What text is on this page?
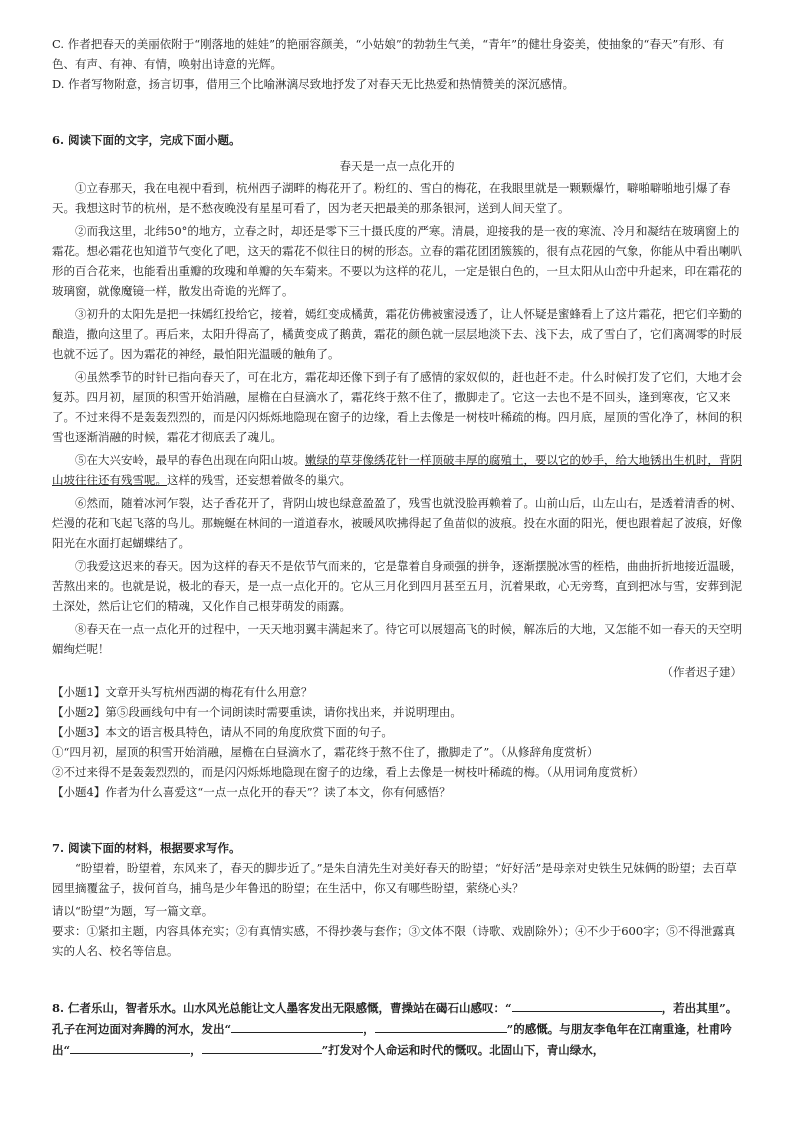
C. 作者把春天的美丽依附于“刚落地的娃娃”的艳丽容颜美，“小姑娘”的勃勃生气美，“青年”的健壮身姿美，使抽象的“春天”有形、有色、有声、有神、有情，唤射出诗意的光辉。

D. 作者写物附意，扬言切事，借用三个比喻淋漓尽致地抒发了对春天无比热爱和热情赞美的深沉感情。

6. 阅读下面的文字，完成下面小题。

春天是一点一点化开的

①立春那天，我在电视中看到，杭州西子湖畔的梅花开了。粉红的、雪白的梅花，在我眼里就是一颗颗爆竹，噼啪噼啪地引爆了春天。我想这时节的杭州，是不愁夜晚没有星星可看了，因为老天把最美的那条银河，送到人间天堂了。

②而我这里，北纬50°的地方，立春之时，却还是零下三十摄氏度的严寒。清晨，迎接我的是一夜的寒流、冷月和凝结在玻璃窗上的霜花。想必霜花也知道节气变化了吧，这天的霜花不似往日的树的形态。立春的霜花团团簇簇的，很有点花园的气象，你能从中看出喇叭形的百合花来，也能看出重瓣的玫瑰和单瓣的矢车菊来。不要以为这样的花儿，一定是银白色的，一旦太阳从山峦中升起来，印在霜花的玻璃窗，就像魔镜一样，散发出奇诡的光辉了。

③初升的太阳先是把一抹嫣红投给它，接着，嫣红变成橘黄，霜花仿佛被蜜浸透了，让人怀疑是蜜蜂看上了这片霜花，把它们辛勤的酿造，撒向这里了。再后来，太阳升得高了，橘黄变成了鹅黄，霜花的颜色就一层层地淡下去、浅下去，成了雪白了，它们离凋零的时辰也就不远了。因为霜花的神经，最怕阳光温暖的触角了。

④虽然季节的时针已指向春天了，可在北方，霜花却还像下到子有了感情的家奴似的，赶也赶不走。什么时候打发了它们，大地才会复苏。四月初，屋顶的积雪开始消融，屋檐在白昼滴水了，霜花终于熬不住了，撒脚走了。它这一去也不是不回头，逢到寒夜，它又来了。不过来得不是轰轰烈烈的，而是闪闪烁烁地隐现在窗子的边缘，看上去像是一树枝叶稀疏的梅。四月底，屋顶的雪化净了，林间的积雪也逐渐消融的时候，霜花才彻底丢了魂儿。

⑤在大兴安岭，最早的春色出现在向阳山坡。嫩绿的草芽像绣花针一样顶破丰厚的腐殖土，要以它的妙手，给大地锈出生机时，背阴山坡往往还有残雪呢。这样的残雪，还妄想着做冬的巢穴。

⑥然而，随着冰河乍裂，达子香花开了，背阴山坡也绿意盈盈了，残雪也就没脸再赖着了。山前山后，山左山右，是透着清香的树、烂漫的花和飞起飞落的鸟儿。那蜿蜒在林间的一道道春水，被暖风吹拂得起了鱼苗似的波痕。投在水面的阳光，便也跟着起了波痕，好像阳光在水面打起蝴蝶结了。

⑦我爱这迟来的春天。因为这样的春天不是依节气而来的，它是靠着自身顽强的拼争，逐渐摆脱冰雪的桎梏，曲曲折折地接近温暖，苦熬出来的。也就是说，极北的春天，是一点一点化开的。它从三月化到四月甚至五月，沉着果敢，心无旁骛，直到把冰与雪，安葬到泥土深处，然后让它们的精魂，又化作自己根芽萌发的雨露。

⑧春天在一点一点化开的过程中，一天天地羽翼丰满起来了。待它可以展翅高飞的时候，解冻后的大地，又怎能不如一春天的天空明媚绚烂呢！

（作者迟子建）

【小题1】文章开头写杭州西湖的梅花有什么用意？

【小题2】第⑤段画线句中有一个词朗读时需要重读，请你找出来，并说明理由。

【小题3】本文的语言极具特色，请从不同的角度欣赏下面的句子。

①“四月初，屋顶的积雪开始消融，屋檐在白昼滴水了，霜花终于熬不住了，撒脚走了”。（从修辞角度赏析）

②不过来得不是轰轰烈烈的，而是闪闪烁烁地隐现在窗子的边缘，看上去像是一树枝叶稀疏的梅。（从用词角度赏析）

【小题4】作者为什么喜爱这“一点一点化开的春天”？读了本文，你有何感悟？

7. 阅读下面的材料，根据要求写作。

“盼望着，盼望着，东风来了，春天的脚步近了。”是朱自清先生对美好春天的盼望；“好好活”是母亲对史铁生兄妹俩的盼望；去百草园里摘覆盆子，拔何首乌，捕鸟是少年鲁迅的盼望；在生活中，你又有哪些盼望，萦绕心头？

请以“盼望”为题，写一篇文章。

要求：①紧扣主题，内容具体充实；②有真情实感，不得抄袭与套作；③文体不限（诗歌、戏剧除外）；④不少于600字；⑤不得泄露真实的人名、校名等信息。

8. 仁者乐山，智者乐水。山水风光总能让文人墨客发出无限感慨，曹操站在碣石山感叹：“	，若出其里”。孔子在河边面对奔腾的河水，发出“	，	”的感慨。与朋友李龟年在江南重逢，杜甫吟出“	，	”打发对个人命运和时代的慨叹。北固山下，青山绿水，
